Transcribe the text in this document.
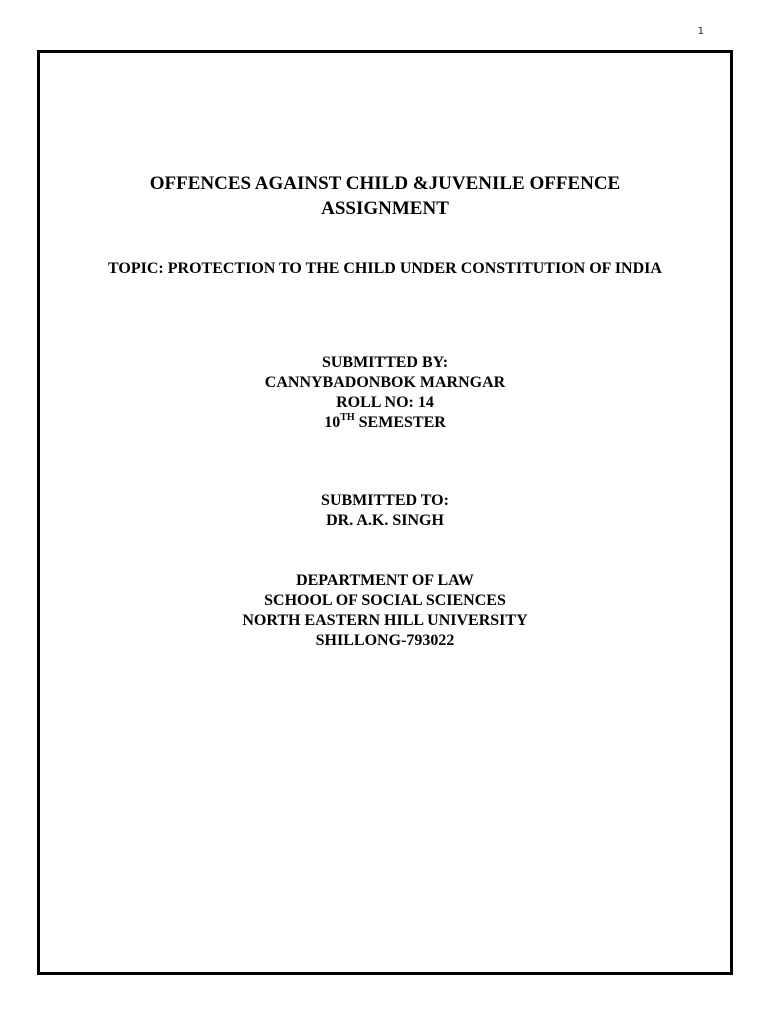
1
OFFENCES AGAINST CHILD &JUVENILE OFFENCE
ASSIGNMENT
TOPIC: PROTECTION TO THE CHILD UNDER CONSTITUTION OF INDIA
SUBMITTED BY:
CANNYBADONBOK MARNGAR
ROLL NO: 14
10TH SEMESTER
SUBMITTED TO:
DR. A.K. SINGH
DEPARTMENT OF LAW
SCHOOL OF SOCIAL SCIENCES
NORTH EASTERN HILL UNIVERSITY
SHILLONG-793022
